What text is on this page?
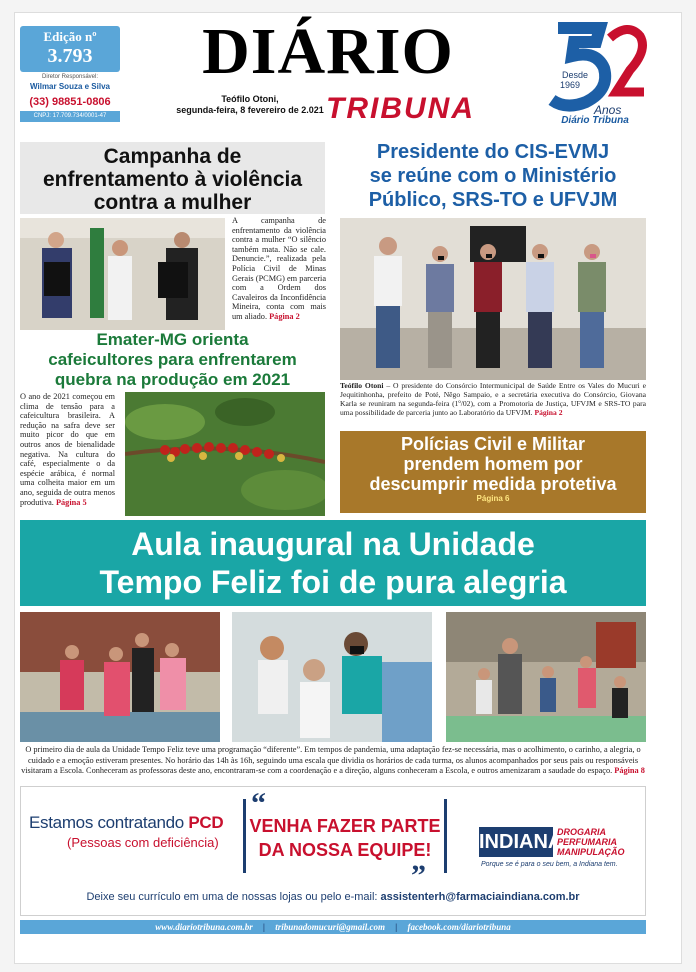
Edição nº
3.793
Diretor Responsável:
Wilmar Souza e Silva
(33) 98851-0806
CNPJ: 17.709.734/0001-47
DIÁRIO
Teófilo Otoni,
segunda-feira, 8 fevereiro de 2.021 TRIBUNA
Desde
1969
Anos
Diário Tribuna
Campanha de
enfrentamento à violência
contra a mulher

A campanha de enfrentamento da violência contra a mulher “O silêncio também mata. Não se cale. Denuncie.”, realizada pela Polícia Civil de Minas Gerais (PCMG) em parceria com a Ordem dos Cavaleiros da Inconfidência Mineira, conta com mais um aliado. Página 2

Presidente do CIS-EVMJ
se reúne com o Ministério
Público, SRS-TO e UFVJM

Teófilo Otoni – O presidente do Consórcio Intermunicipal de Saúde Entre os Vales do Mucuri e Jequitinhonha, prefeito de Poté, Nêgo Sampaio, e a secretária executiva do Consórcio, Giovana Karla se reuniram na segunda-feira (1º/02), com a Promotoria de Justiça, UFVJM e SRS-TO para uma possibilidade de parceria junto ao Laboratório da UFVJM. Página 2

Emater-MG orienta
cafeicultores para enfrentarem
quebra na produção em 2021

O ano de 2021 começou em clima de tensão para a cafeicultura brasileira. A redução na safra deve ser muito picor do que em outros anos de bienalidade negativa. Na cultura do café, especialmente o da espécie arábica, é normal uma colheita maior em um ano, seguida de outra menos produtiva. Página 5

Polícias Civil e Militar
prendem homem por
descumprir medida protetiva
Página 6
Aula inaugural na Unidade
Tempo Feliz foi de pura alegria

O primeiro dia de aula da Unidade Tempo Feliz teve uma programação “diferente”. Em tempos de pandemia, uma adaptação fez-se necessária, mas o acolhimento, o carinho, a alegria, o cuidado e a emoção estiveram presentes. No horário das 14h às 16h, seguindo uma escala que dividia os horários de cada turma, os alunos acompanhados por seus pais ou responsáveis visitaram a Escola. Conheceram as professoras deste ano, encontraram-se com a coordenação e a direção, alguns conheceram a Escola, e outros amenizaram a saudade do espaço. Página 8

Estamos contratando PCD
(Pessoas com deficiência)
“
VENHA FAZER PARTE
DA NOSSA EQUIPE!
”
INDIANA
DROGARIA
PERFUMARIA
MANIPULAÇÃO
Porque se é para o seu bem, a Indiana tem.
Deixe seu currículo em uma de nossas lojas ou pelo e-mail: assistenterh@farmaciaindiana.com.br
www.diariotribuna.com.br | tribunadomucuri@gmail.com | facebook.com/diariotribuna
